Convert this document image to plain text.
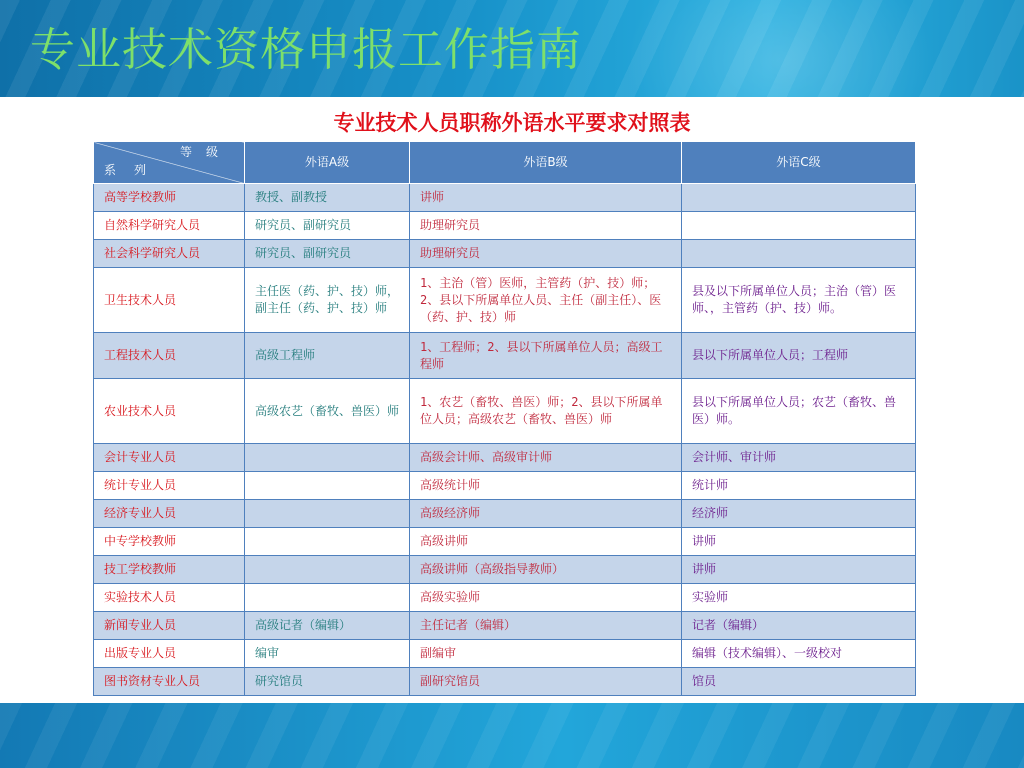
专业技术资格申报工作指南
专业技术人员职称外语水平要求对照表
等级
系列	外语A级	外语B级	外语C级
高等学校教师	教授、副教授	讲师	
自然科学研究人员	研究员、副研究员	助理研究员	
社会科学研究人员	研究员、副研究员	助理研究员	
卫生技术人员	主任医（药、护、技）师，副主任（药、护、技）师	1、主治（管）医师，主管药（护、技）师；2、县以下所属单位人员、主任（副主任）、医（药、护、技）师	县及以下所属单位人员；主治（管）医师、，主管药（护、技）师。
工程技术人员	高级工程师	1、工程师；2、县以下所属单位人员；高级工程师	县以下所属单位人员；工程师
农业技术人员	高级农艺（畜牧、兽医）师	1、农艺（畜牧、兽医）师；2、县以下所属单位人员；高级农艺（畜牧、兽医）师	县以下所属单位人员；农艺（畜牧、兽医）师。
会计专业人员		高级会计师、高级审计师	会计师、审计师
统计专业人员		高级统计师	统计师
经济专业人员		高级经济师	经济师
中专学校教师		高级讲师	讲师
技工学校教师		高级讲师（高级指导教师）	讲师
实验技术人员		高级实验师	实验师
新闻专业人员	高级记者（编辑）	主任记者（编辑）	记者（编辑）
出版专业人员	编审	副编审	编辑（技术编辑）、一级校对
图书资材专业人员	研究馆员	副研究馆员	馆员
